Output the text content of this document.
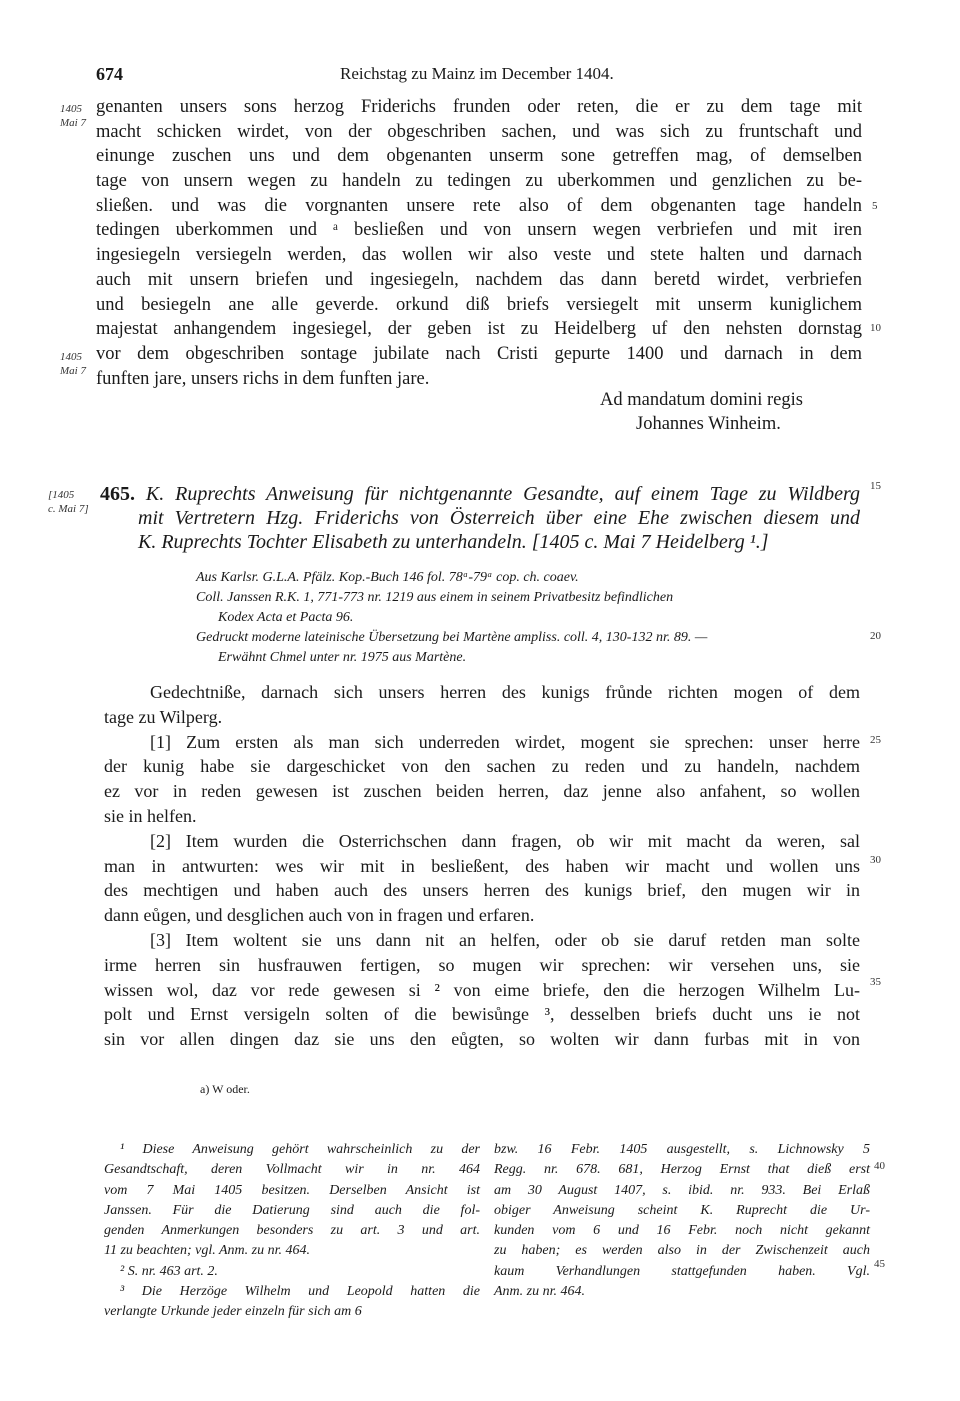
674	Reichstag zu Mainz im December 1404.
1405
Mai 7
1405
Mai 7
[1405
c. Mai 7]
5
10
15
20
25
30
35
40
45
genanten unsers sons herzog Friderichs frunden oder reten, die er zu dem tage mit
macht schicken wirdet, von der obgeschriben sachen, und was sich zu fruntschaft und
einunge zuschen uns und dem obgenanten unserm sone getreffen mag, of demselben
tage von unsern wegen zu handeln zu tedingen zu uberkommen und genzlichen zu be-
sließen. und was die vorgnanten unsere rete also of dem obgenanten tage handeln
tedingen uberkommen und ᵃ besließen und von unsern wegen verbriefen und mit iren
ingesiegeln versiegeln werden, das wollen wir also veste und stete halten und darnach
auch mit unsern briefen und ingesiegeln, nachdem das dann beretd wirdet, verbriefen
und besiegeln ane alle geverde. orkund diß briefs versiegelt mit unserm kuniglichem
majestat anhangendem ingesiegel, der geben ist zu Heidelberg uf den nehsten dornstag
vor dem obgeschriben sontage jubilate nach Cristi gepurte 1400 und darnach in dem
funften jare, unsers richs in dem funften jare.
Ad mandatum domini regis
Johannes Winheim.
465. K. Ruprechts Anweisung für nichtgenannte Gesandte, auf einem Tage zu Wildberg
mit Vertretern Hzg. Friderichs von Österreich über eine Ehe zwischen diesem und
K. Ruprechts Tochter Elisabeth zu unterhandeln. [1405 c. Mai 7 Heidelberg ¹.]
Aus Karlsr. G.L.A. Pfälz. Kop.-Buch 146 fol. 78ᵃ-79ᵃ cop. ch. coaev.
Coll. Janssen R.K. 1, 771-773 nr. 1219 aus einem in seinem Privatbesitz befindlichen
Kodex Acta et Pacta 96.
Gedruckt moderne lateinische Übersetzung bei Martène ampliss. coll. 4, 130-132 nr. 89. —
Erwähnt Chmel unter nr. 1975 aus Martène.
Gedechtniße, darnach sich unsers herren des kunigs frůnde richten mogen of dem
tage zu Wilperg.
[1] Zum ersten als man sich underreden wirdet, mogent sie sprechen: unser herre
der kunig habe sie dargeschicket von den sachen zu reden und zu handeln, nachdem
ez vor in reden gewesen ist zuschen beiden herren, daz jenne also anfahent, so wollen
sie in helfen.
[2] Item wurden die Osterrichschen dann fragen, ob wir mit macht da weren, sal
man in antwurten: wes wir mit in besließent, des haben wir macht und wollen uns
des mechtigen und haben auch des unsers herren des kunigs brief, den mugen wir in
dann eůgen, und desglichen auch von in fragen und erfaren.
[3] Item woltent sie uns dann nit an helfen, oder ob sie daruf retden man solte
irme herren sin husfrauwen fertigen, so mugen wir sprechen: wir versehen uns, sie
wissen wol, daz vor rede gewesen si ² von eime briefe, den die herzogen Wilhelm Lu-
polt und Ernst versigeln solten of die bewisůnge ³, desselben briefs ducht uns ie not
sin vor allen dingen daz sie uns den eůgten, so wolten wir dann furbas mit in von
a) W oder.
¹ Diese Anweisung gehört wahrscheinlich zu der
Gesandtschaft, deren Vollmacht wir in nr. 464
vom 7 Mai 1405 besitzen. Derselben Ansicht ist
Janssen. Für die Datierung sind auch die fol-
genden Anmerkungen besonders zu art. 3 und art.
11 zu beachten; vgl. Anm. zu nr. 464.
² S. nr. 463 art. 2.
³ Die Herzöge Wilhelm und Leopold hatten die
verlangte Urkunde jeder einzeln für sich am 6
bzw. 16 Febr. 1405 ausgestellt, s. Lichnowsky 5
Regg. nr. 678. 681, Herzog Ernst that dieß erst
am 30 August 1407, s. ibid. nr. 933. Bei Erlaß
obiger Anweisung scheint K. Ruprecht die Ur-
kunden vom 6 und 16 Febr. noch nicht gekannt
zu haben; es werden also in der Zwischenzeit auch
kaum Verhandlungen stattgefunden haben. Vgl.
Anm. zu nr. 464.
